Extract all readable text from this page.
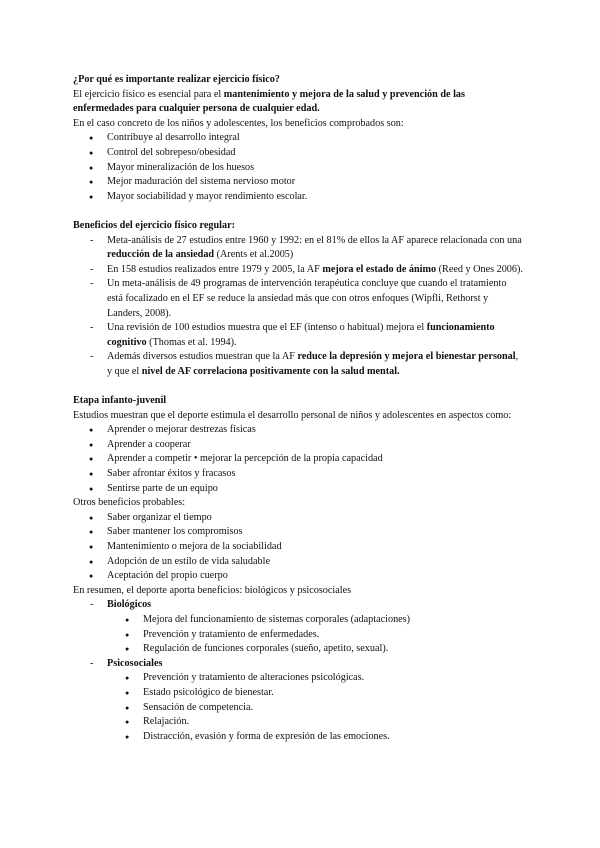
¿Por qué es importante realizar ejercicio físico?

El ejercicio físico es esencial para el mantenimiento y mejora de la salud y prevención de las enfermedades para cualquier persona de cualquier edad.

En el caso concreto de los niños y adolescentes, los beneficios comprobados son:

● Contribuye al desarrollo integral
● Control del sobrepeso/obesidad
● Mayor mineralización de los huesos
● Mejor maduración del sistema nervioso motor
● Mayor sociabilidad y mayor rendimiento escolar.

Beneficios del ejercicio físico regular:

- Meta-análisis de 27 estudios entre 1960 y 1992: en el 81% de ellos la AF aparece relacionada con una reducción de la ansiedad (Arents et al.2005)
- En 158 estudios realizados entre 1979 y 2005, la AF mejora el estado de ánimo (Reed y Ones 2006).
- Un meta-análisis de 49 programas de intervención terapéutica concluye que cuando el tratamiento está focalizado en el EF se reduce la ansiedad más que con otros enfoques (Wipfli, Rethorst y Landers, 2008).
- Una revisión de 100 estudios muestra que el EF (intenso o habitual) mejora el funcionamiento cognitivo (Thomas et al. 1994).
- Además diversos estudios muestran que la AF reduce la depresión y mejora el bienestar personal, y que el nivel de AF correlaciona positivamente con la salud mental.

Etapa infanto-juvenil

Estudios muestran que el deporte estimula el desarrollo personal de niños y adolescentes en aspectos como:

● Aprender o mejorar destrezas físicas
● Aprender a cooperar
● Aprender a competir • mejorar la percepción de la propia capacidad
● Saber afrontar éxitos y fracasos
● Sentirse parte de un equipo

Otros beneficios probables:

● Saber organizar el tiempo
● Saber mantener los compromisos
● Mantenimiento o mejora de la sociabilidad
● Adopción de un estilo de vida saludable
● Aceptación del propio cuerpo

En resumen, el deporte aporta beneficios: biológicos y psicosociales

- Biológicos
● Mejora del funcionamiento de sistemas corporales (adaptaciones)
● Prevención y tratamiento de enfermedades.
● Regulación de funciones corporales (sueño, apetito, sexual).
- Psicosociales
● Prevención y tratamiento de alteraciones psicológicas.
● Estado psicológico de bienestar.
● Sensación de competencia.
● Relajación.
● Distracción, evasión y forma de expresión de las emociones.
